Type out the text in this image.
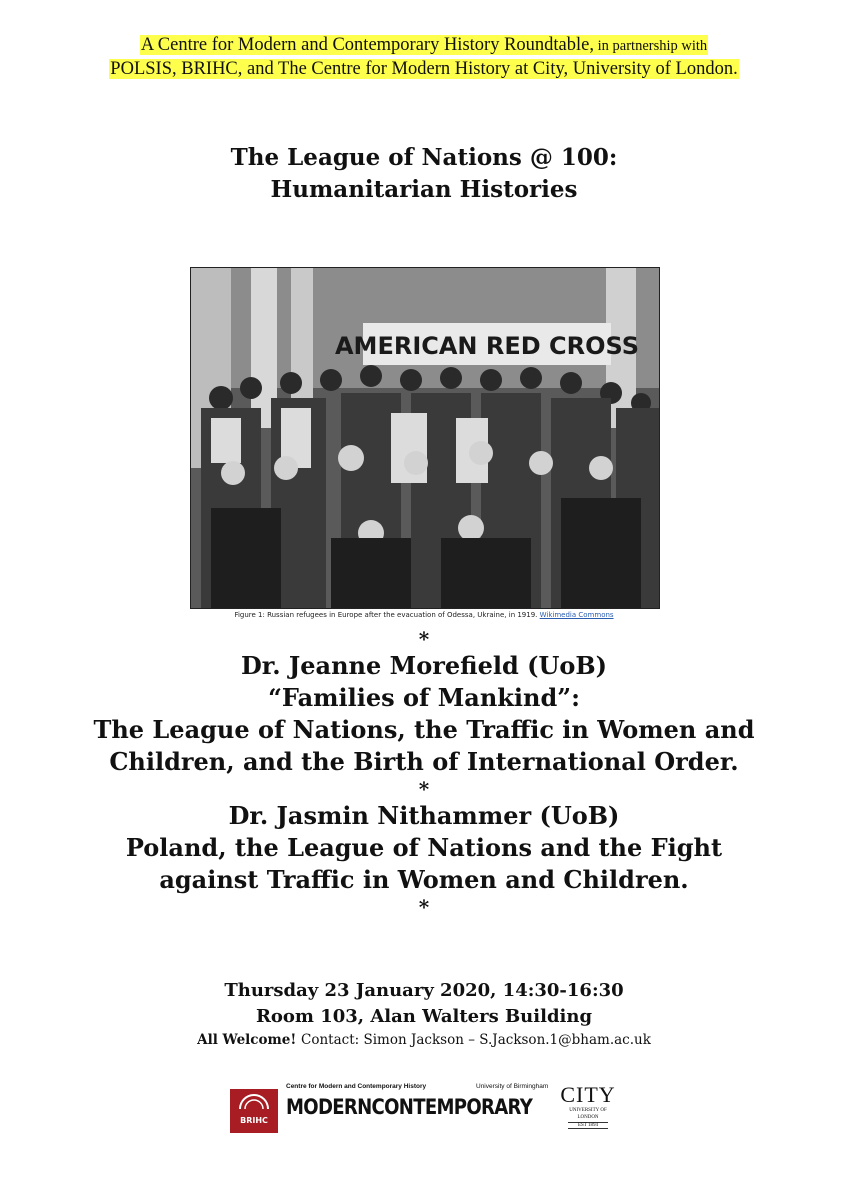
A Centre for Modern and Contemporary History Roundtable, in partnership with
POLSIS, BRIHC, and The Centre for Modern History at City, University of London.
The League of Nations @ 100:
Humanitarian Histories
AMERICAN RED CROSS
Figure 1: Russian refugees in Europe after the evacuation of Odessa, Ukraine, in 1919. Wikimedia Commons
*

Dr. Jeanne Morefield (UoB)

“Families of Mankind”:

The League of Nations, the Traffic in Women and

Children, and the Birth of International Order.

*

Dr. Jasmin Nithammer (UoB)

Poland, the League of Nations and the Fight

against Traffic in Women and Children.

*
Thursday 23 January 2020, 14:30-16:30
Room 103, Alan Walters Building
All Welcome! Contact: Simon Jackson – S.Jackson.1@bham.ac.uk
BRIHC
Centre for Modern and Contemporary History	University of Birmingham
MODERNCONTEMPORARY CITY
UNIVERSITY OF LONDON
EST 1894
